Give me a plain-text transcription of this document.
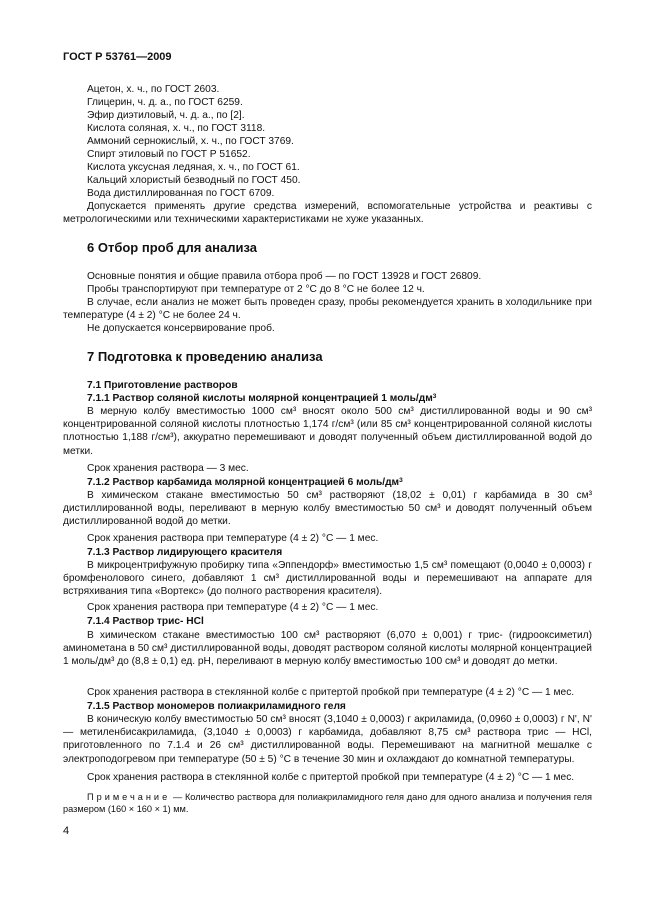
ГОСТ Р 53761—2009
Ацетон, х. ч., по ГОСТ 2603.
Глицерин, ч. д. а., по ГОСТ 6259.
Эфир диэтиловый, ч. д. а., по [2].
Кислота соляная, х. ч., по ГОСТ 3118.
Аммоний сернокислый, х. ч., по ГОСТ 3769.
Спирт этиловый по ГОСТ Р 51652.
Кислота уксусная ледяная, х. ч., по ГОСТ 61.
Кальций хлористый безводный по ГОСТ 450.
Вода дистиллированная по ГОСТ 6709.
Допускается применять другие средства измерений, вспомогательные устройства и реактивы с метрологическими или техническими характеристиками не хуже указанных.
6 Отбор проб для анализа
Основные понятия и общие правила отбора проб — по ГОСТ 13928 и ГОСТ 26809.
Пробы транспортируют при температуре от 2 °С до 8 °С не более 12 ч.
В случае, если анализ не может быть проведен сразу, пробы рекомендуется хранить в холодильнике при температуре (4 ± 2) °С не более 24 ч.
Не допускается консервирование проб.
7 Подготовка к проведению анализа
7.1 Приготовление растворов
7.1.1 Раствор соляной кислоты молярной концентрацией 1 моль/$дм^3$
В мерную колбу вместимостью 1000 см³ вносят около 500 см³ дистиллированной воды и 90 см³ концентрированной соляной кислоты плотностью 1,174 г/см³ (или 85 см³ концентрированной соляной кислоты плотностью 1,188 г/см³), аккуратно перемешивают и доводят полученный объем дистиллированной водой до метки.
Срок хранения раствора — 3 мес.
7.1.2 Раствор карбамида молярной концентрацией 6 моль/$дм^3$
В химическом стакане вместимостью 50 см³ растворяют (18,02 ± 0,01) г карбамида в 30 см³ дистиллированной воды, переливают в мерную колбу вместимостью 50 см³ и доводят полученный объем дистиллированной водой до метки.
Срок хранения раствора при температуре (4 ± 2) °С — 1 мес.
7.1.3 Раствор лидирующего красителя
В микроцентрифужную пробирку типа «Эппендорф» вместимостью 1,5 см³ помещают (0,0040 ± 0,0003) г бромфенолового синего, добавляют 1 см³ дистиллированной воды и перемешивают на аппарате для встряхивания типа «Вортекс» (до полного растворения красителя).
Срок хранения раствора при температуре (4 ± 2) °С — 1 мес.
7.1.4 Раствор трис- HCl
В химическом стакане вместимостью 100 см³ растворяют (6,070 ± 0,001) г трис- (гидрооксиметил) аминометана в 50 см³ дистиллированной воды, доводят раствором соляной кислоты молярной концентрацией 1 моль/дм³ до (8,8 ± 0,1) ед. рН, переливают в мерную колбу вместимостью 100 см³ и доводят до метки.
Срок хранения раствора в стеклянной колбе с притертой пробкой при температуре (4 ± 2) °С — 1 мес.
7.1.5 Раствор мономеров полиакриламидного геля
В коническую колбу вместимостью 50 см³ вносят (3,1040 ± 0,0003) г акриламида, (0,0960 ± 0,0003) г N', N' — метиленбисакриламида, (3,1040 ± 0,0003) г карбамида, добавляют 8,75 см³ раствора трис — HCl, приготовленного по 7.1.4 и 26 см³ дистиллированной воды. Перемешивают на магнитной мешалке с электроподогревом при температуре (50 ± 5) °С в течение 30 мин и охлаждают до комнатной температуры.
Срок хранения раствора в стеклянной колбе с притертой пробкой при температуре (4 ± 2) °С — 1 мес.
Примечание — Количество раствора для полиакриламидного геля дано для одного анализа и получения геля размером (160 × 160 × 1) мм.
4
